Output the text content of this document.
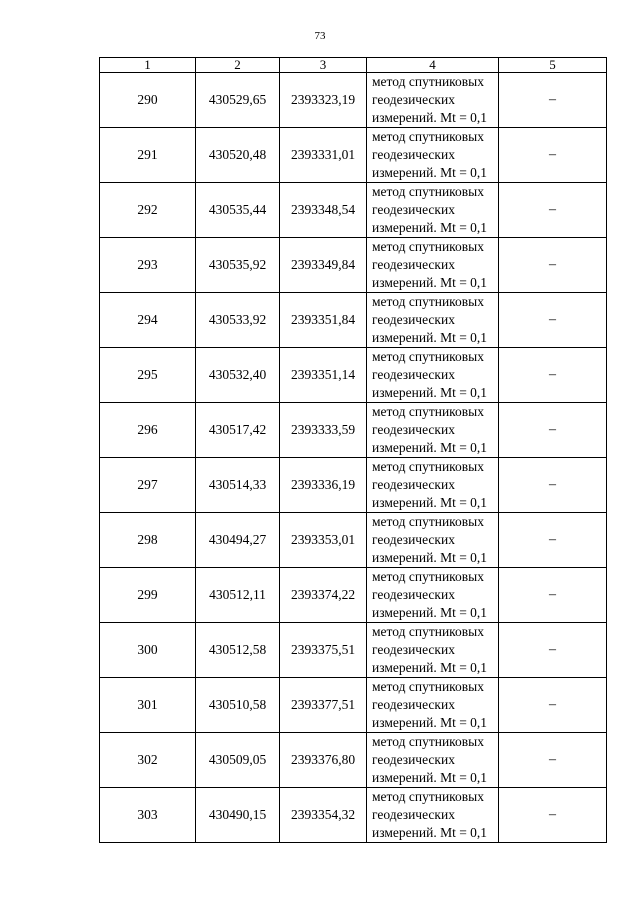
73
1	2	3	4	5
290	430529,65	2393323,19	метод спутниковых
геодезических
измерений. Mt = 0,1	–
291	430520,48	2393331,01	метод спутниковых
геодезических
измерений. Mt = 0,1	–
292	430535,44	2393348,54	метод спутниковых
геодезических
измерений. Mt = 0,1	–
293	430535,92	2393349,84	метод спутниковых
геодезических
измерений. Mt = 0,1	–
294	430533,92	2393351,84	метод спутниковых
геодезических
измерений. Mt = 0,1	–
295	430532,40	2393351,14	метод спутниковых
геодезических
измерений. Mt = 0,1	–
296	430517,42	2393333,59	метод спутниковых
геодезических
измерений. Mt = 0,1	–
297	430514,33	2393336,19	метод спутниковых
геодезических
измерений. Mt = 0,1	–
298	430494,27	2393353,01	метод спутниковых
геодезических
измерений. Mt = 0,1	–
299	430512,11	2393374,22	метод спутниковых
геодезических
измерений. Mt = 0,1	–
300	430512,58	2393375,51	метод спутниковых
геодезических
измерений. Mt = 0,1	–
301	430510,58	2393377,51	метод спутниковых
геодезических
измерений. Mt = 0,1	–
302	430509,05	2393376,80	метод спутниковых
геодезических
измерений. Mt = 0,1	–
303	430490,15	2393354,32	метод спутниковых
геодезических
измерений. Mt = 0,1	–
